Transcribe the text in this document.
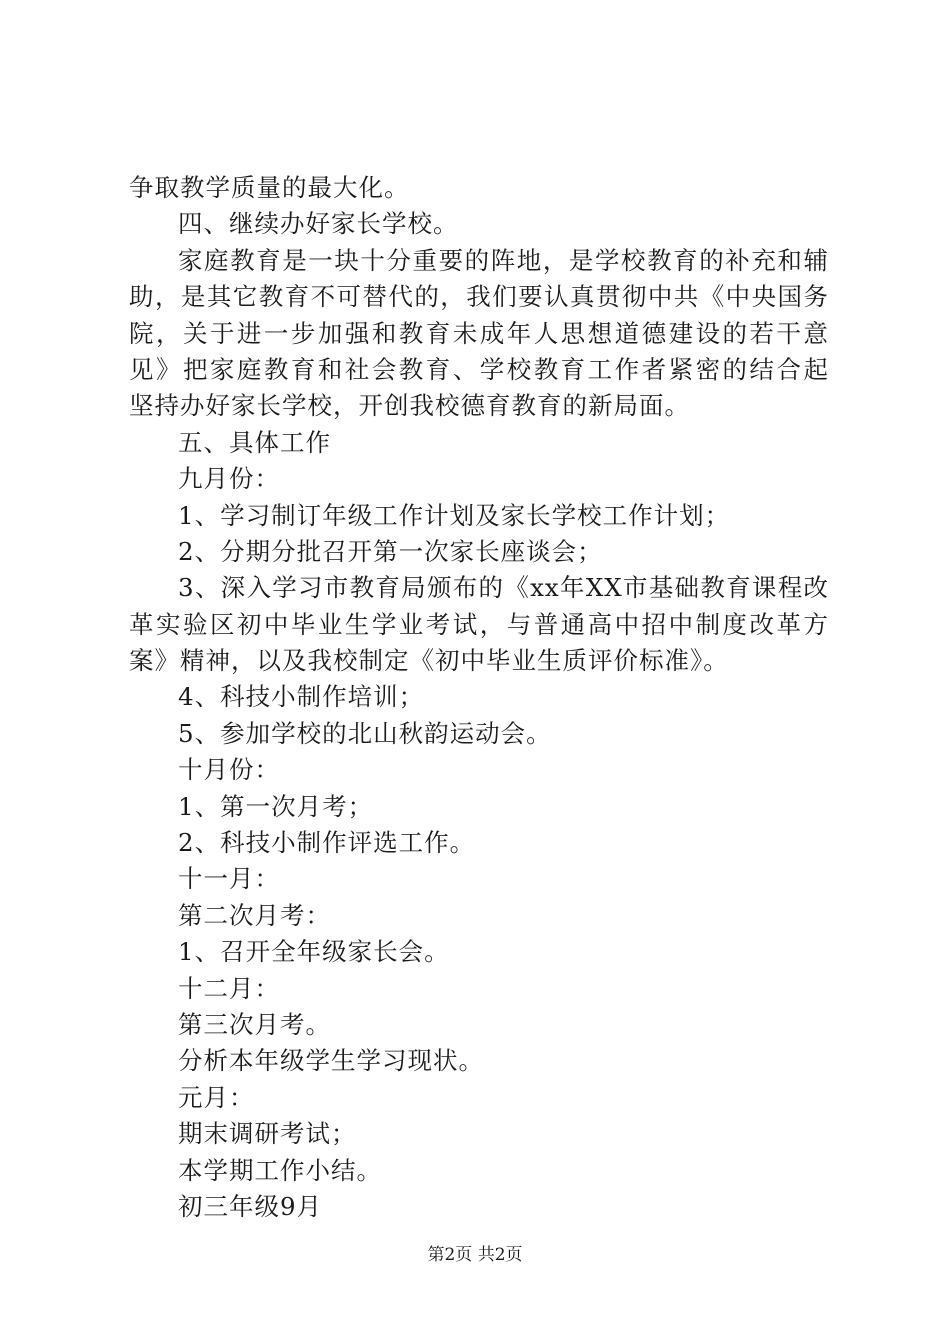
争取教学质量的最大化。
四、继续办好家长学校。
家庭教育是一块十分重要的阵地，是学校教育的补充和辅
助，是其它教育不可替代的，我们要认真贯彻中共《中央国务
院，关于进一步加强和教育未成年人思想道德建设的若干意
见》把家庭教育和社会教育、学校教育工作者紧密的结合起
坚持办好家长学校，开创我校德育教育的新局面。
五、具体工作
九月份：
1、学习制订年级工作计划及家长学校工作计划；
2、分期分批召开第一次家长座谈会；
3、深入学习市教育局颁布的《xx年XX市基础教育课程改
革实验区初中毕业生学业考试，与普通高中招中制度改革方
案》精神，以及我校制定《初中毕业生质评价标准》。
4、科技小制作培训；
5、参加学校的北山秋韵运动会。
十月份：
1、第一次月考；
2、科技小制作评选工作。
十一月：
第二次月考：
1、召开全年级家长会。
十二月：
第三次月考。
分析本年级学生学习现状。
元月：
期末调研考试；
本学期工作小结。
初三年级9月
第2页 共2页
